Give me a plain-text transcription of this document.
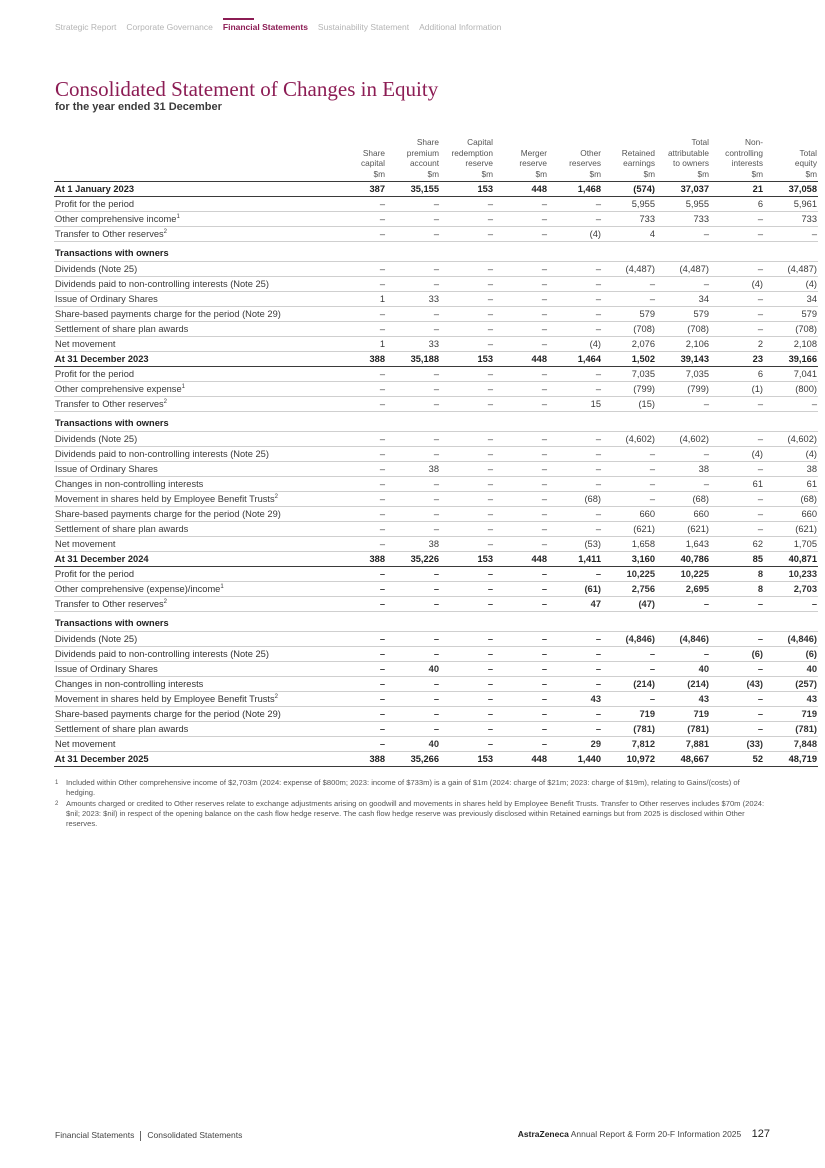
Strategic Report Corporate Governance Financial Statements Sustainability Statement Additional Information
Consolidated Statement of Changes in Equity
for the year ended 31 December
	Share
capital
$m	Share
premium
account
$m	Capital
redemption
reserve
$m	Merger
reserve
$m	Other
reserves
$m	Retained
earnings
$m	Total
attributable
to owners
$m	Non-
controlling
interests
$m	Total
equity
$m
At 1 January 2023	387	35,155	153	448	1,468	(574)	37,037	21	37,058
Profit for the period	–	–	–	–	–	5,955	5,955	6	5,961
Other comprehensive income$^1$	–	–	–	–	–	733	733	–	733
Transfer to Other reserves$^2$	–	–	–	–	(4)	4	–	–	–
Transactions with owners									
Dividends (Note 25)	–	–	–	–	–	(4,487)	(4,487)	–	(4,487)
Dividends paid to non-controlling interests (Note 25)	–	–	–	–	–	–	–	(4)	(4)
Issue of Ordinary Shares	1	33	–	–	–	–	34	–	34
Share-based payments charge for the period (Note 29)	–	–	–	–	–	579	579	–	579
Settlement of share plan awards	–	–	–	–	–	(708)	(708)	–	(708)
Net movement	1	33	–	–	(4)	2,076	2,106	2	2,108
At 31 December 2023	388	35,188	153	448	1,464	1,502	39,143	23	39,166
Profit for the period	–	–	–	–	–	7,035	7,035	6	7,041
Other comprehensive expense$^1$	–	–	–	–	–	(799)	(799)	(1)	(800)
Transfer to Other reserves$^2$	–	–	–	–	15	(15)	–	–	–
Transactions with owners									
Dividends (Note 25)	–	–	–	–	–	(4,602)	(4,602)	–	(4,602)
Dividends paid to non-controlling interests (Note 25)	–	–	–	–	–	–	–	(4)	(4)
Issue of Ordinary Shares	–	38	–	–	–	–	38	–	38
Changes in non-controlling interests	–	–	–	–	–	–	–	61	61
Movement in shares held by Employee Benefit Trusts$^2$	–	–	–	–	(68)	–	(68)	–	(68)
Share-based payments charge for the period (Note 29)	–	–	–	–	–	660	660	–	660
Settlement of share plan awards	–	–	–	–	–	(621)	(621)	–	(621)
Net movement	–	38	–	–	(53)	1,658	1,643	62	1,705
At 31 December 2024	388	35,226	153	448	1,411	3,160	40,786	85	40,871
Profit for the period	–	–	–	–	–	10,225	10,225	8	10,233
Other comprehensive (expense)/income$^1$	–	–	–	–	(61)	2,756	2,695	8	2,703
Transfer to Other reserves$^2$	–	–	–	–	47	(47)	–	–	–
Transactions with owners									
Dividends (Note 25)	–	–	–	–	–	(4,846)	(4,846)	–	(4,846)
Dividends paid to non-controlling interests (Note 25)	–	–	–	–	–	–	–	(6)	(6)
Issue of Ordinary Shares	–	40	–	–	–	–	40	–	40
Changes in non-controlling interests	–	–	–	–	–	(214)	(214)	(43)	(257)
Movement in shares held by Employee Benefit Trusts$^2$	–	–	–	–	43	–	43	–	43
Share-based payments charge for the period (Note 29)	–	–	–	–	–	719	719	–	719
Settlement of share plan awards	–	–	–	–	–	(781)	(781)	–	(781)
Net movement	–	40	–	–	29	7,812	7,881	(33)	7,848
At 31 December 2025	388	35,266	153	448	1,440	10,972	48,667	52	48,719
1	Included within Other comprehensive income of $2,703m (2024: expense of $800m; 2023: income of $733m) is a gain of $1m (2024: charge of $21m; 2023: charge of $19m), relating to Gains/(costs) of hedging.
2	Amounts charged or credited to Other reserves relate to exchange adjustments arising on goodwill and movements in shares held by Employee Benefit Trusts. Transfer to Other reserves includes $70m (2024: $nil; 2023: $nil) in respect of the opening balance on the cash flow hedge reserve. The cash flow hedge reserve was previously disclosed within Retained earnings but from 2025 is disclosed within Other reserves.
Financial Statements Consolidated Statements	AstraZeneca Annual Report & Form 20-F Information 2025 127
